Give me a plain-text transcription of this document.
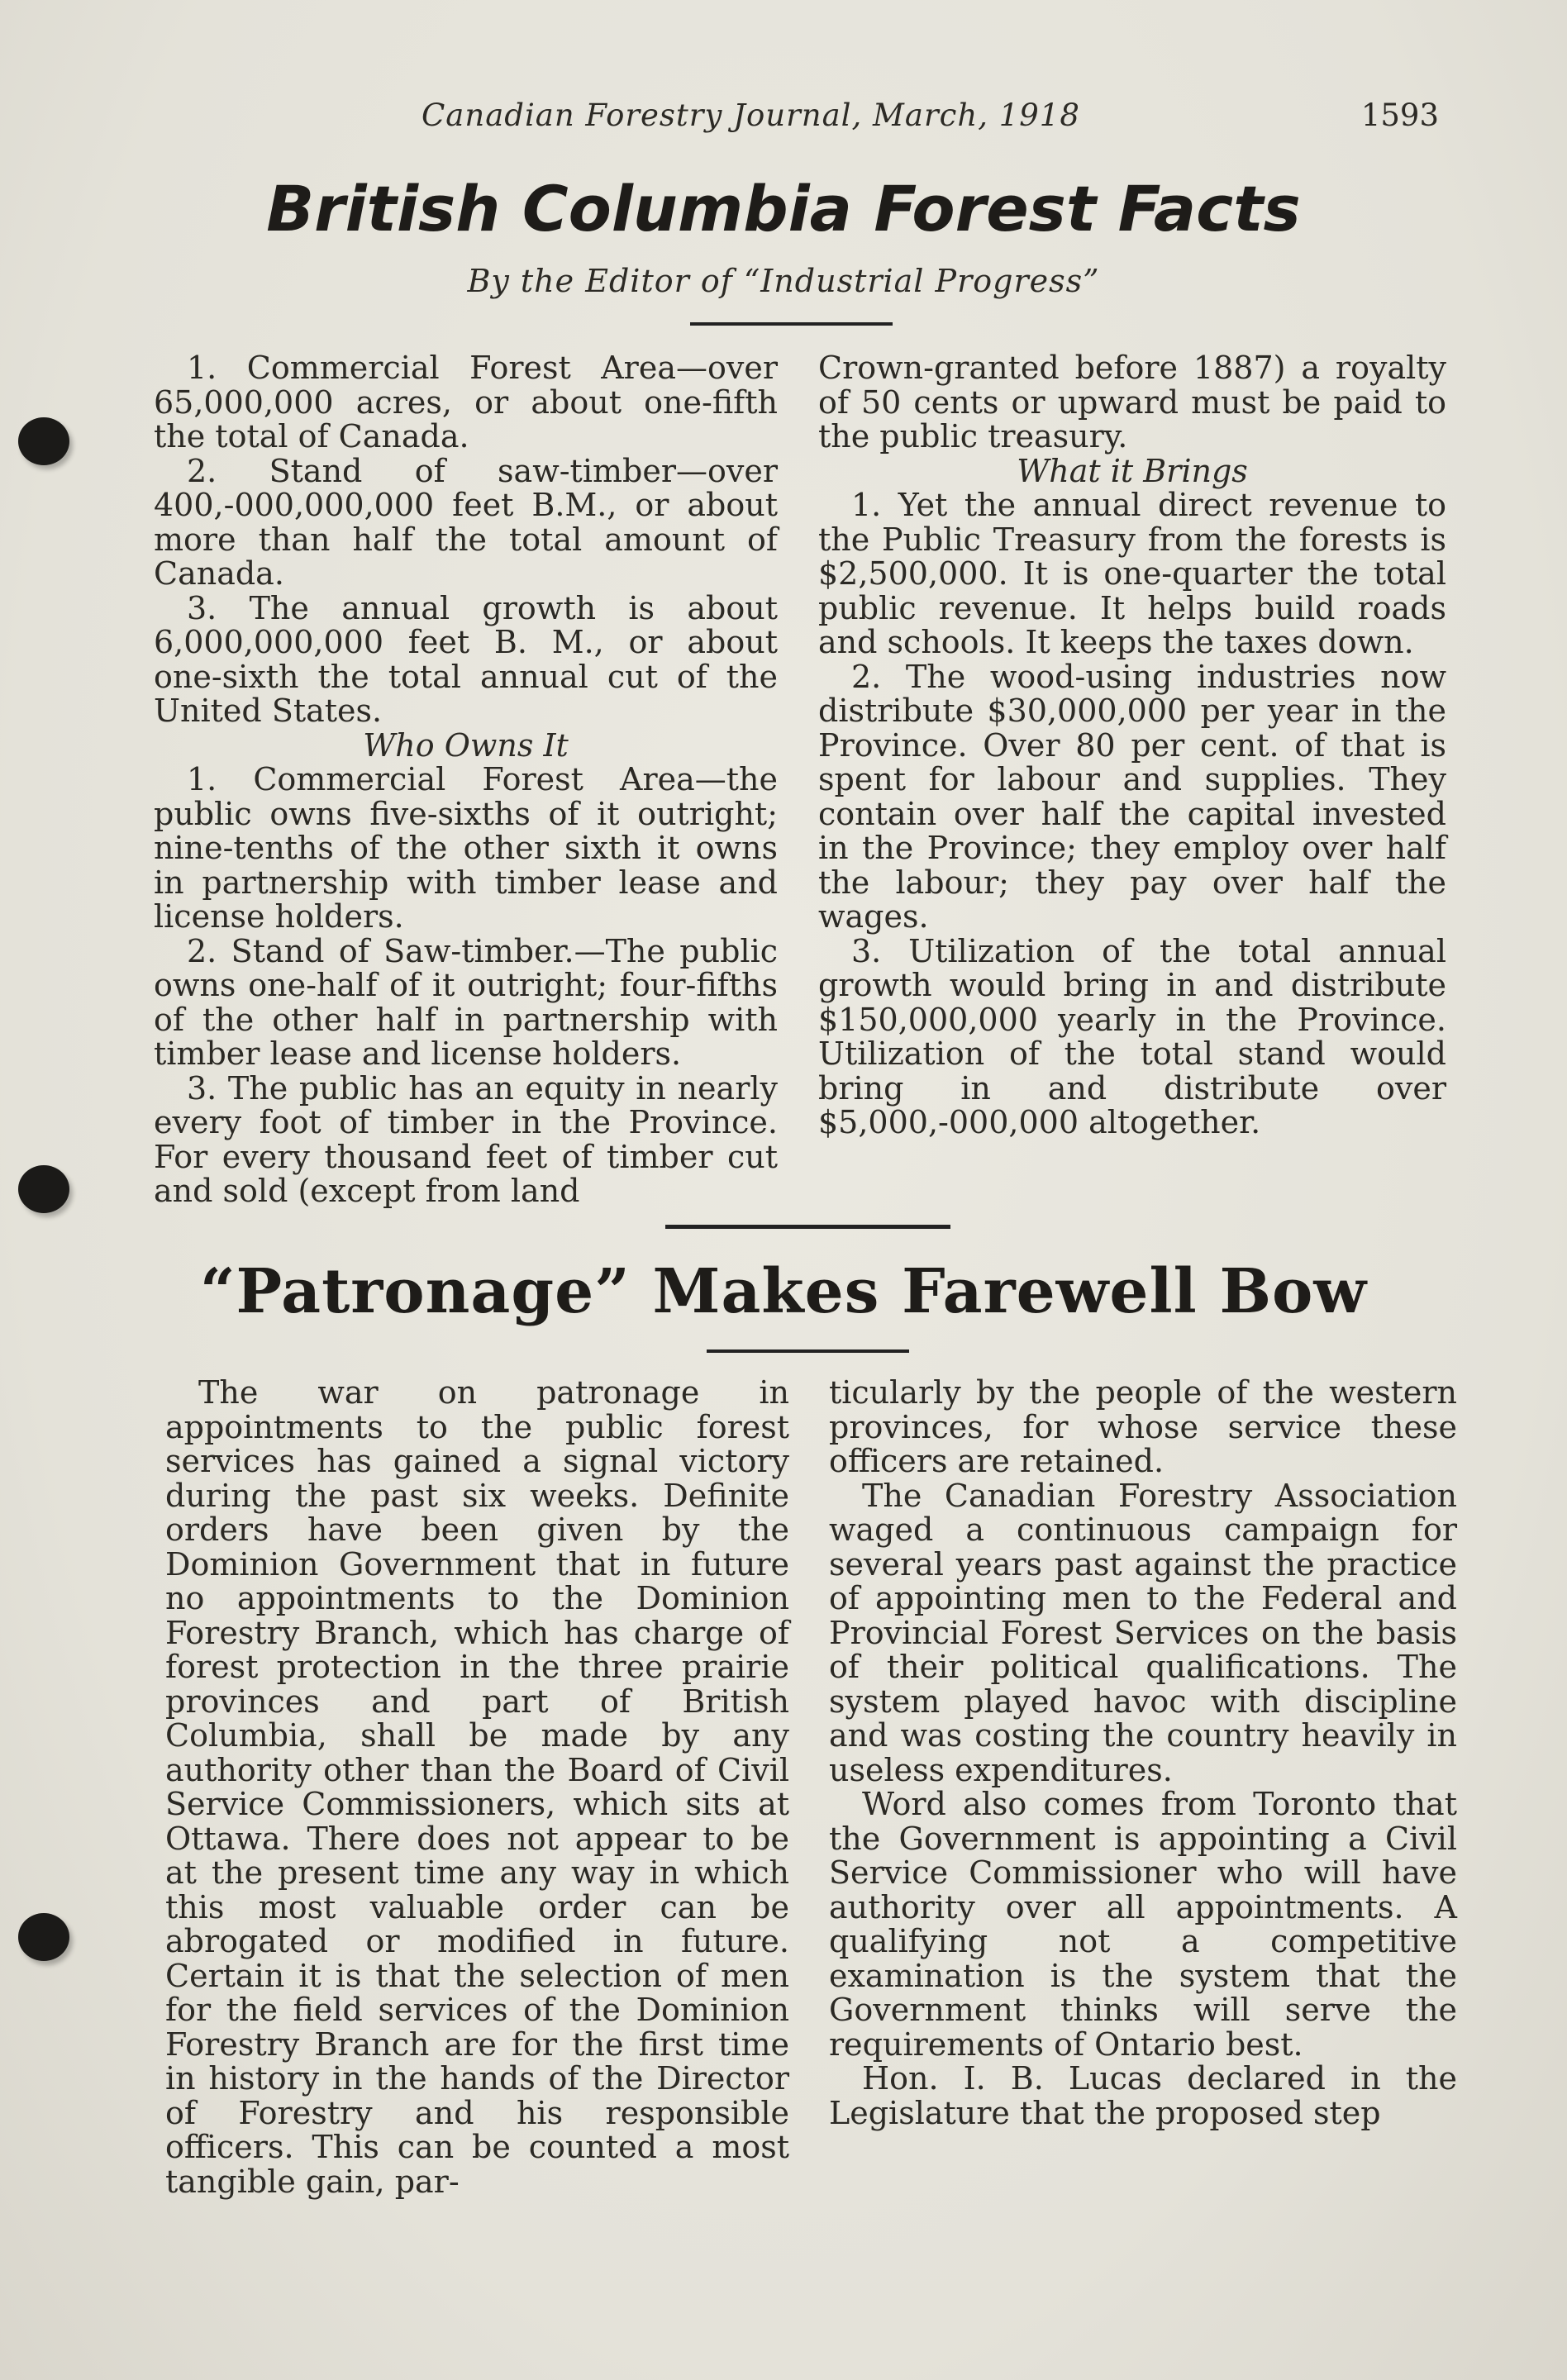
Canadian Forestry Journal, March, 1918	1593
British Columbia Forest Facts
By the Editor of “Industrial Progress”

1. Commercial Forest Area—over 65,000,000 acres, or about one-fifth the total of Canada.

2. Stand of saw-timber—over 400,-000,000,000 feet B.M., or about more than half the total amount of Canada.

3. The annual growth is about 6,000,000,000 feet B. M., or about one-sixth the total annual cut of the United States.

Who Owns It

1. Commercial Forest Area—the public owns five-sixths of it outright; nine-tenths of the other sixth it owns in partnership with timber lease and license holders.

2. Stand of Saw-timber.—The public owns one-half of it outright; four-fifths of the other half in partnership with timber lease and license holders.

3. The public has an equity in nearly every foot of timber in the Province. For every thousand feet of timber cut and sold (except from land

Crown-granted before 1887) a royalty of 50 cents or upward must be paid to the public treasury.

What it Brings

1. Yet the annual direct revenue to the Public Treasury from the forests is $2,500,000. It is one-quarter the total public revenue. It helps build roads and schools. It keeps the taxes down.

2. The wood-using industries now distribute $30,000,000 per year in the Province. Over 80 per cent. of that is spent for labour and supplies. They contain over half the capital invested in the Province; they employ over half the labour; they pay over half the wages.

3. Utilization of the total annual growth would bring in and distribute $150,000,000 yearly in the Province. Utilization of the total stand would bring in and distribute over $5,000,-000,000 altogether.

“Patronage” Makes Farewell Bow

The war on patronage in appointments to the public forest services has gained a signal victory during the past six weeks. Definite orders have been given by the Dominion Government that in future no appointments to the Dominion Forestry Branch, which has charge of forest protection in the three prairie provinces and part of British Columbia, shall be made by any authority other than the Board of Civil Service Commissioners, which sits at Ottawa. There does not appear to be at the present time any way in which this most valuable order can be abrogated or modified in future. Certain it is that the selection of men for the field services of the Dominion Forestry Branch are for the first time in history in the hands of the Director of Forestry and his responsible officers. This can be counted a most tangible gain, par-

ticularly by the people of the western provinces, for whose service these officers are retained.

The Canadian Forestry Association waged a continuous campaign for several years past against the practice of appointing men to the Federal and Provincial Forest Services on the basis of their political qualifications. The system played havoc with discipline and was costing the country heavily in useless expenditures.

Word also comes from Toronto that the Government is appointing a Civil Service Commissioner who will have authority over all appointments. A qualifying not a competitive examination is the system that the Government thinks will serve the requirements of Ontario best.

Hon. I. B. Lucas declared in the Legislature that the proposed step
